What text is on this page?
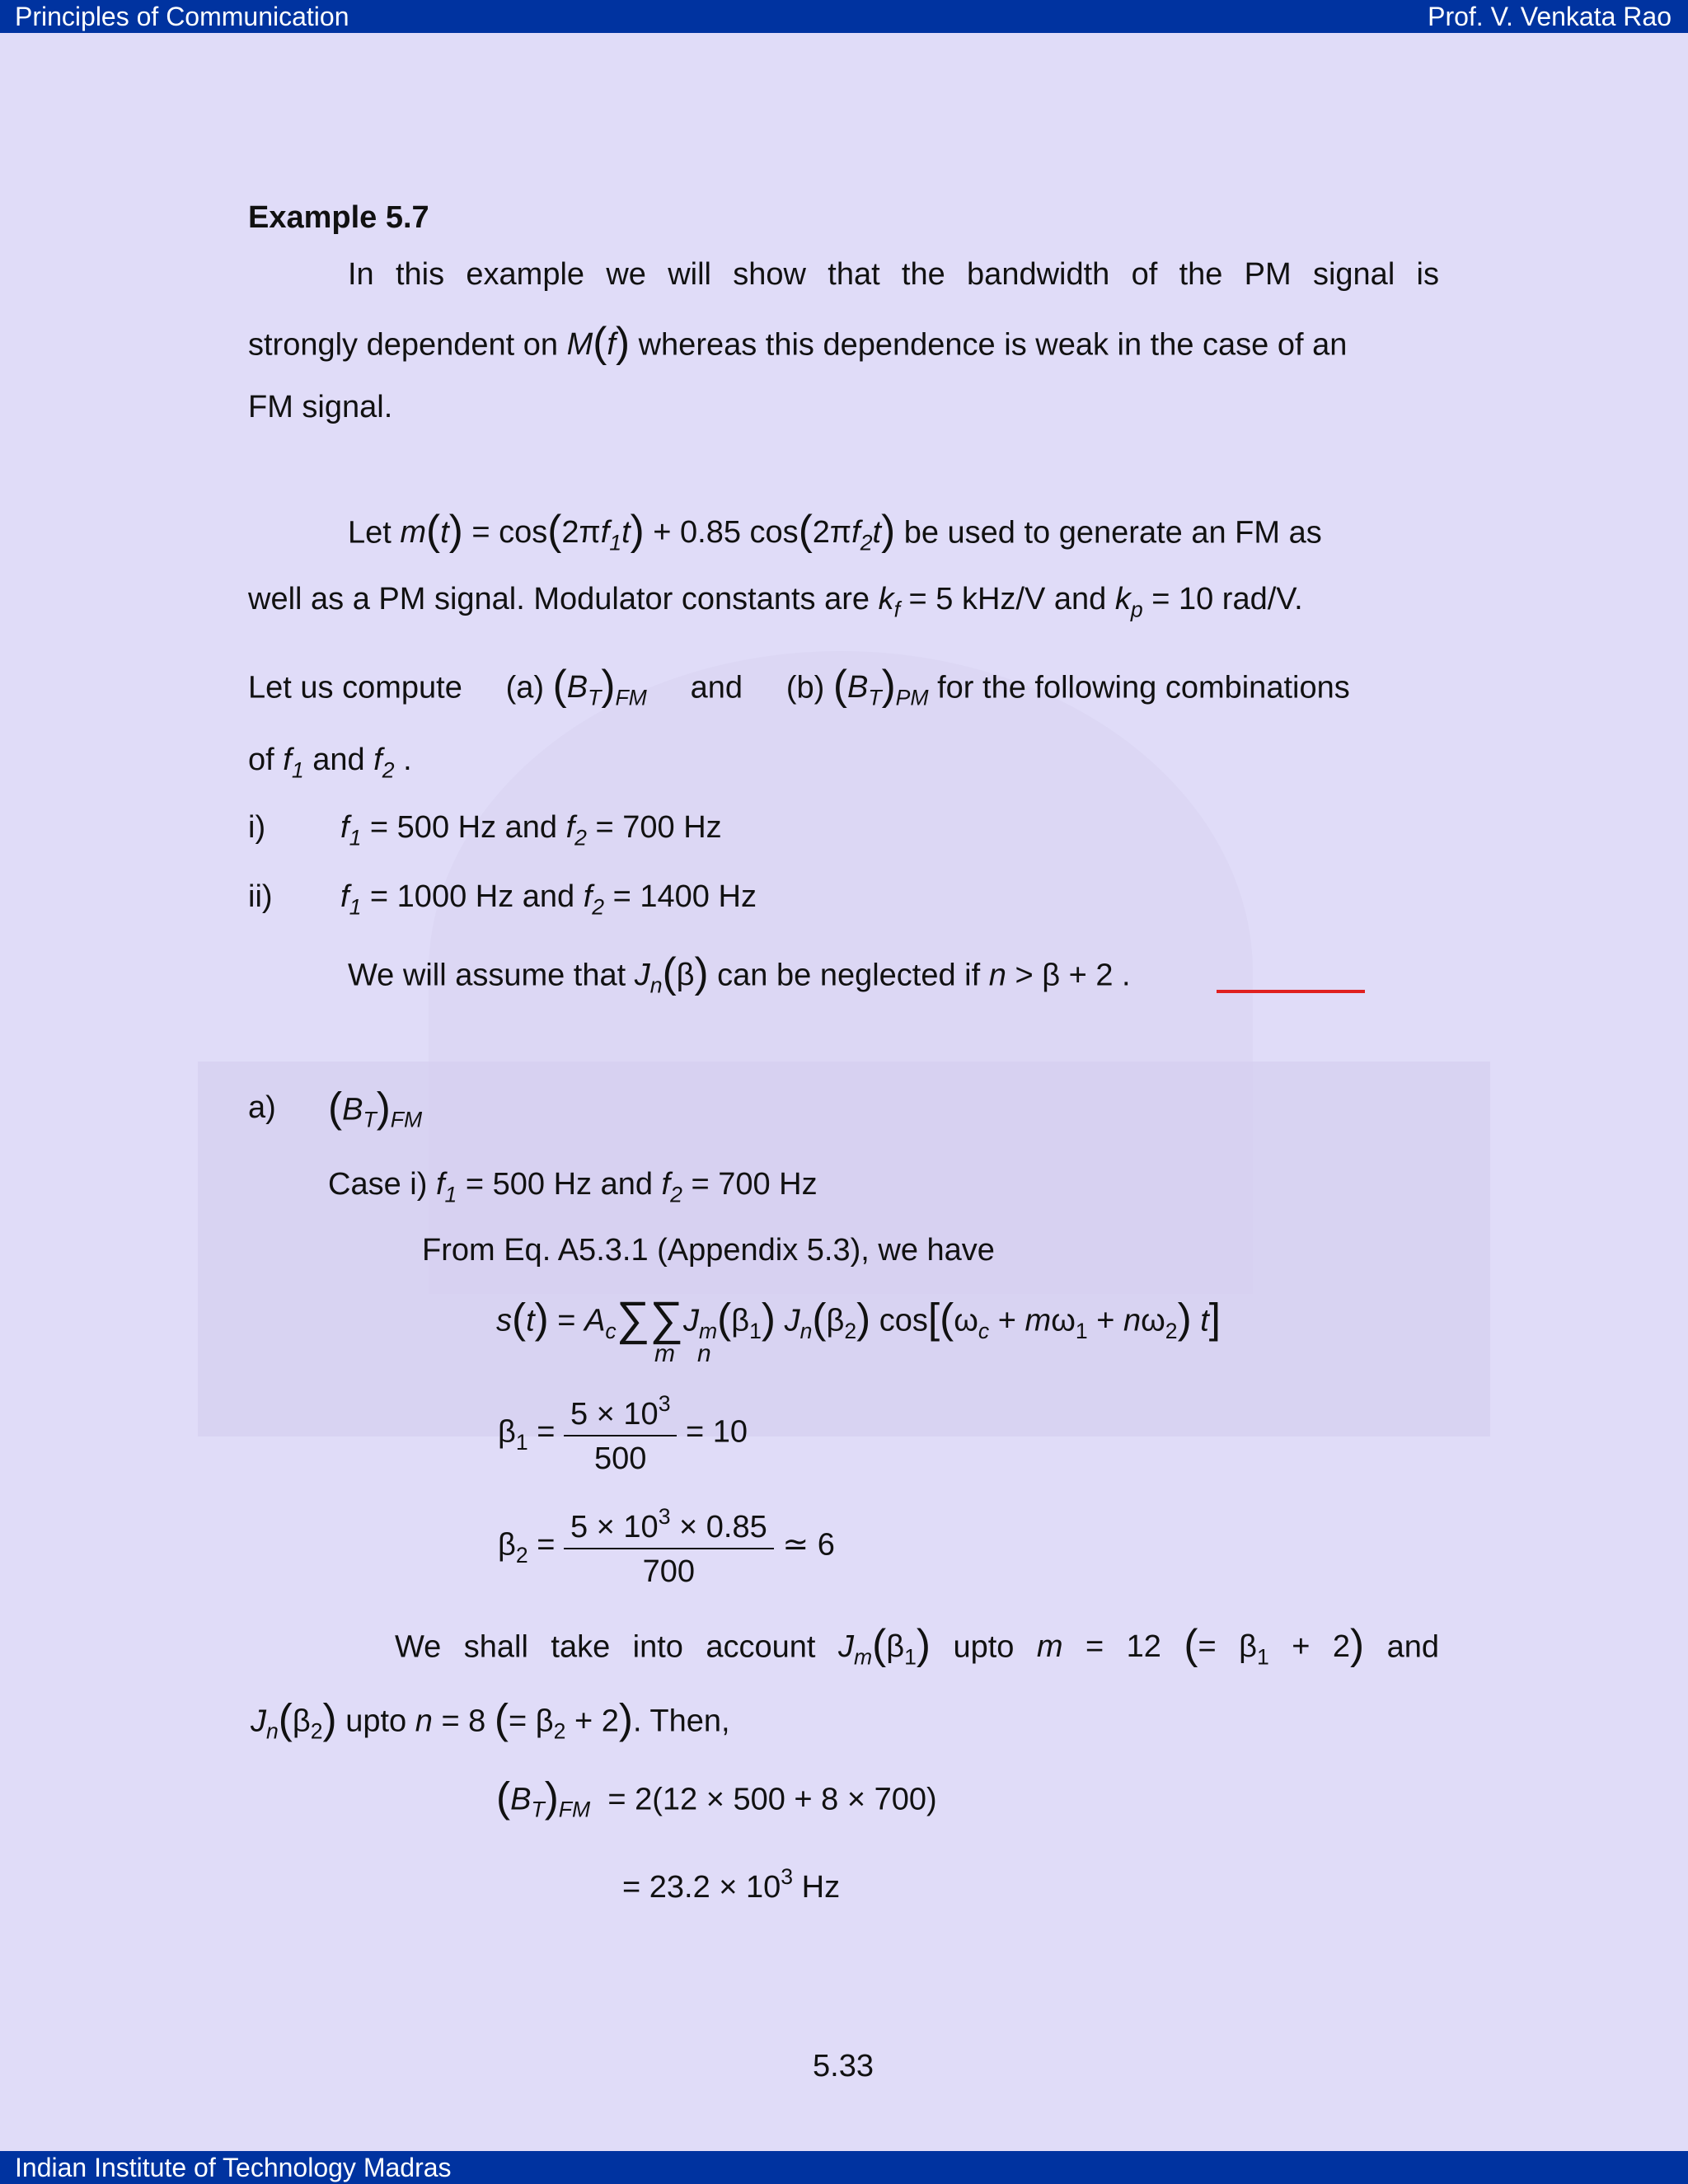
Principles of Communication	Prof. V. Venkata Rao
Example 5.7
In this example we will show that the bandwidth of the PM signal is
strongly dependent on M(f) whereas this dependence is weak in the case of an
FM signal.
Let $m(t) = \cos(2\pi f_1t) + 0.85$ $\cos(2\pi f_2t)$ be used to generate an FM as
well as a PM signal. Modulator constants are $k_f = 5$ kHz/V and $k_p = 10$ rad/V.
Let us compute (a) $(B_T)_{FM}$ and (b) $(B_T)_{PM}$ for the following combinations
of $f_1$ and $f_2$ .
i) $f_1 = 500$ Hz and $f_2 = 700$ Hz
ii) $f_1 = 1000$ Hz and $f_2 = 1400$ Hz
We will assume that $J_n(\beta)$ can be neglected if n > β + 2 .
a) $(B_T)_{FM}$
Case i) $f_1 = 500$ Hz and $f_2 = 700$ Hz
From Eq. A5.3.1 (Appendix 5.3), we have
$s(t) = A_c\sum\sum J_m(\beta_1)$ $J_n(\beta_2) \cos[(\omega_c + m\omega_1 + n\omega_2)$ t]
m n
$\beta_1 = \frac{5 \times 10^3}{500} = 10$
$\beta_2 = \frac{5 \times 10^3 \times 0.85}{700}$ ≃ 6
We shall take into account $J_m(\beta_1)$ upto m = 12 (= $\beta_1 + 2$) and
$J_n(\beta_2)$ upto n = 8 (= $\beta_2 + 2$). Then,
$(B_T)_{FM} = 2(12 \times 500 + 8 \times 700)$
= $23.2 \times 10^3$ Hz
5.33
Indian Institute of Technology Madras
